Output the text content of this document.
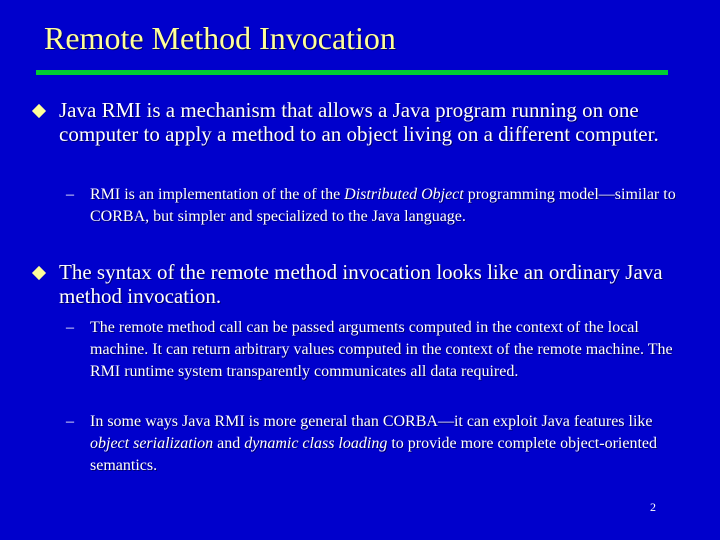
Remote Method Invocation
Java RMI is a mechanism that allows a Java program running on one computer to apply a method to an object living on a different computer.
– RMI is an implementation of the of the Distributed Object programming model—similar to CORBA, but simpler and specialized to the Java language.
The syntax of the remote method invocation looks like an ordinary Java method invocation.
– The remote method call can be passed arguments computed in the context of the local machine. It can return arbitrary values computed in the context of the remote machine. The RMI runtime system transparently communicates all data required.
– In some ways Java RMI is more general than CORBA—it can exploit Java features like object serialization and dynamic class loading to provide more complete object-oriented semantics.
2
